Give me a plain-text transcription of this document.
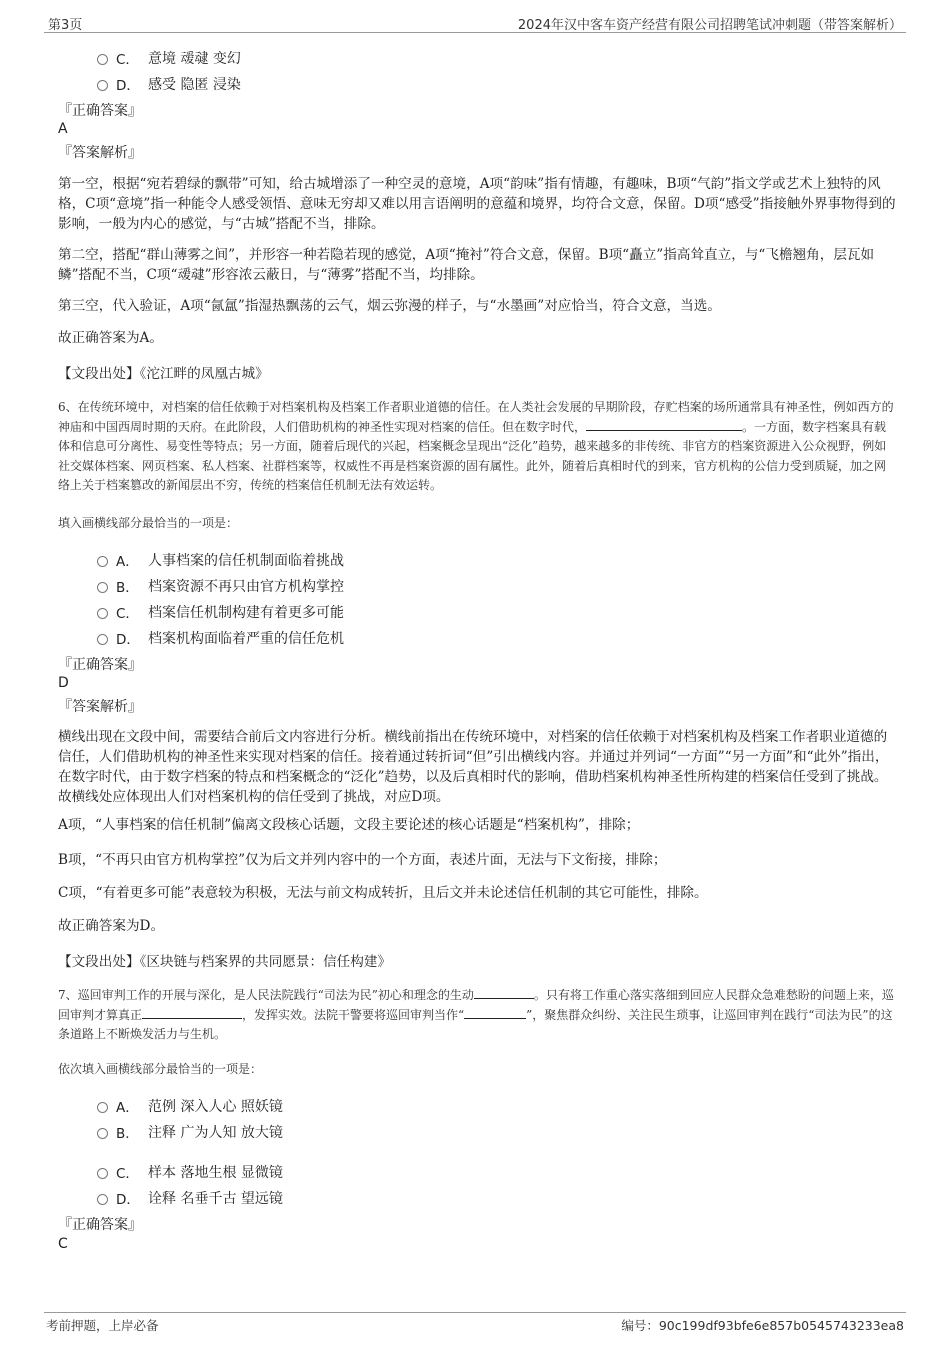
第3页	2024年汉中客车资产经营有限公司招聘笔试冲刺题（带答案解析）
C． 意境 叆叇 变幻
D． 感受 隐匿 浸染
『正确答案』
A
『答案解析』
第一空，根据“宛若碧绿的飘带”可知，给古城增添了一种空灵的意境，A项“韵味”指有情趣，有趣味，B项“气韵”指文学或艺术上独特的风格，C项“意境”指一种能令人感受领悟、意味无穷却又难以用言语阐明的意蕴和境界，均符合文意，保留。D项“感受”指接触外界事物得到的影响，一般为内心的感觉，与“古城”搭配不当，排除。
第二空，搭配“群山薄雾之间”，并形容一种若隐若现的感觉，A项“掩衬”符合文意，保留。B项“矗立”指高耸直立，与“飞檐翘角，层瓦如鳞”搭配不当，C项“叆叇”形容浓云蔽日，与“薄雾”搭配不当，均排除。
第三空，代入验证，A项“氤氲”指湿热飘荡的云气，烟云弥漫的样子，与“水墨画”对应恰当，符合文意，当选。
故正确答案为A。
【文段出处】《沱江畔的凤凰古城》
6、在传统环境中，对档案的信任依赖于对档案机构及档案工作者职业道德的信任。在人类社会发展的早期阶段，存贮档案的场所通常具有神圣性，例如西方的神庙和中国西周时期的天府。在此阶段，人们借助机构的神圣性实现对档案的信任。但在数字时代，	。一方面，数字档案具有载体和信息可分离性、易变性等特点；另一方面，随着后现代的兴起，档案概念呈现出“泛化”趋势，越来越多的非传统、非官方的档案资源进入公众视野，例如社交媒体档案、网页档案、私人档案、社群档案等，权威性不再是档案资源的固有属性。此外，随着后真相时代的到来，官方机构的公信力受到质疑，加之网络上关于档案篡改的新闻层出不穷，传统的档案信任机制无法有效运转。
填入画横线部分最恰当的一项是：
A． 人事档案的信任机制面临着挑战
B． 档案资源不再只由官方机构掌控
C． 档案信任机制构建有着更多可能
D． 档案机构面临着严重的信任危机
『正确答案』
D
『答案解析』
横线出现在文段中间，需要结合前后文内容进行分析。横线前指出在传统环境中，对档案的信任依赖于对档案机构及档案工作者职业道德的信任，人们借助机构的神圣性来实现对档案的信任。接着通过转折词“但”引出横线内容。并通过并列词“一方面”“另一方面”和“此外”指出，在数字时代，由于数字档案的特点和档案概念的“泛化”趋势，以及后真相时代的影响，借助档案机构神圣性所构建的档案信任受到了挑战。故横线处应体现出人们对档案机构的信任受到了挑战，对应D项。
A项，“人事档案的信任机制”偏离文段核心话题，文段主要论述的核心话题是“档案机构”，排除；
B项，“不再只由官方机构掌控”仅为后文并列内容中的一个方面，表述片面，无法与下文衔接，排除；
C项，“有着更多可能”表意较为积极，无法与前文构成转折，且后文并未论述信任机制的其它可能性，排除。
故正确答案为D。
【文段出处】《区块链与档案界的共同愿景：信任构建》
7、巡回审判工作的开展与深化，是人民法院践行“司法为民”初心和理念的生动	。只有将工作重心落实落细到回应人民群众急难愁盼的问题上来，巡回审判才算真正	，发挥实效。法院干警要将巡回审判当作“	”，聚焦群众纠纷、关注民生琐事，让巡回审判在践行“司法为民”的这条道路上不断焕发活力与生机。
依次填入画横线部分最恰当的一项是：
A． 范例 深入人心 照妖镜
B． 注释 广为人知 放大镜
C． 样本 落地生根 显微镜
D． 诠释 名垂千古 望远镜
『正确答案』
C
考前押题，上岸必备	编号：90c199df93bfe6e857b0545743233ea8
